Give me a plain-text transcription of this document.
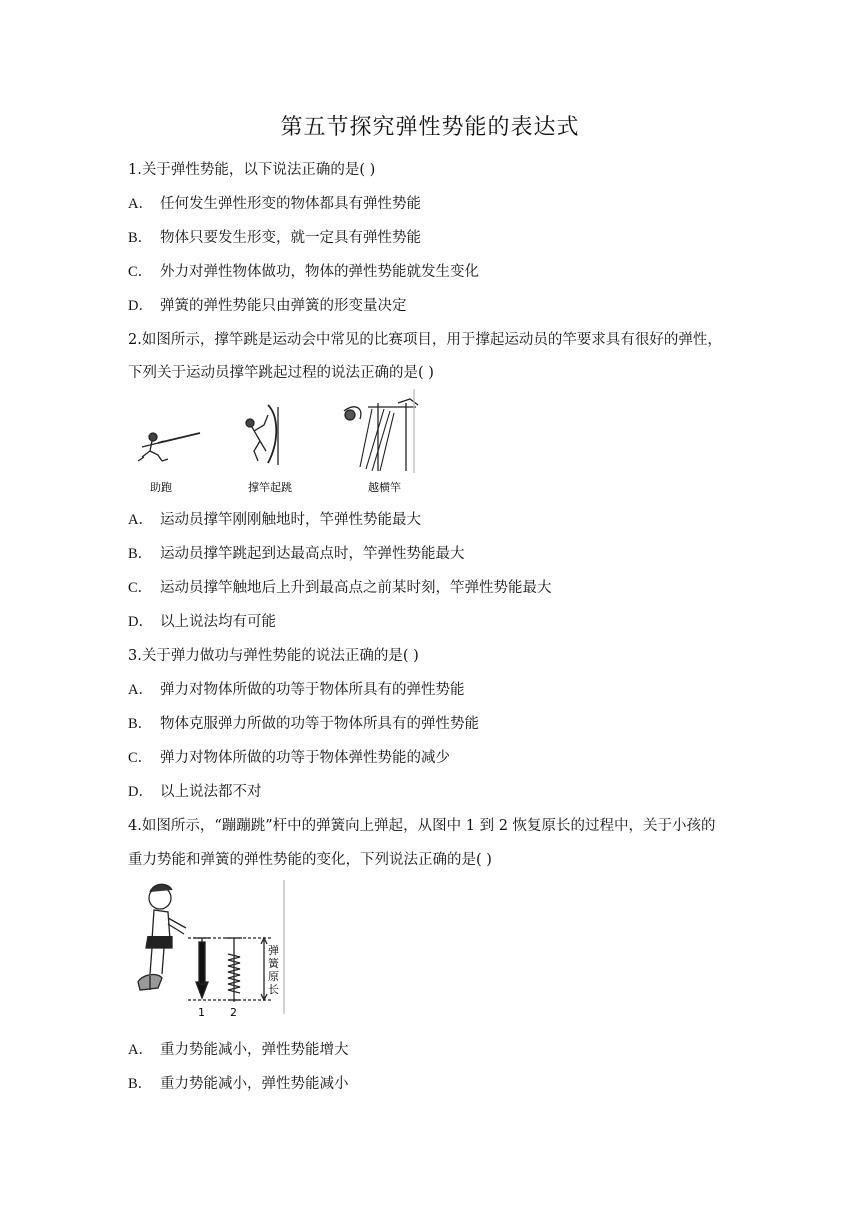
第五节探究弹性势能的表达式
1.关于弹性势能，以下说法正确的是( )
A． 任何发生弹性形变的物体都具有弹性势能
B． 物体只要发生形变，就一定具有弹性势能
C． 外力对弹性物体做功，物体的弹性势能就发生变化
D． 弹簧的弹性势能只由弹簧的形变量决定
2.如图所示，撑竿跳是运动会中常见的比赛项目，用于撑起运动员的竿要求具有很好的弹性，
下列关于运动员撑竿跳起过程的说法正确的是( )
助跑	撑竿起跳	越横竿
A． 运动员撑竿刚刚触地时，竿弹性势能最大
B． 运动员撑竿跳起到达最高点时，竿弹性势能最大
C． 运动员撑竿触地后上升到最高点之前某时刻，竿弹性势能最大
D． 以上说法均有可能
3.关于弹力做功与弹性势能的说法正确的是( )
A． 弹力对物体所做的功等于物体所具有的弹性势能
B． 物体克服弹力所做的功等于物体所具有的弹性势能
C． 弹力对物体所做的功等于物体弹性势能的减少
D． 以上说法都不对
4.如图所示，“蹦蹦跳”杆中的弹簧向上弹起，从图中 1 到 2 恢复原长的过程中，关于小孩的
重力势能和弹簧的弹性势能的变化，下列说法正确的是( )
1 2
弹
簧
原
长
A． 重力势能减小，弹性势能增大
B． 重力势能减小，弹性势能减小
